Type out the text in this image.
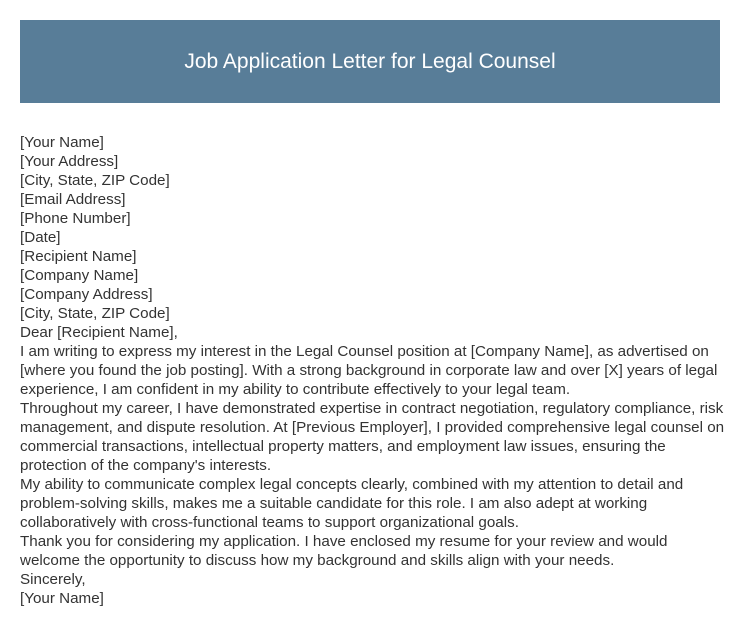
Job Application Letter for Legal Counsel

[Your Name]

[Your Address]

[City, State, ZIP Code]

[Email Address]

[Phone Number]

[Date]

[Recipient Name]

[Company Name]

[Company Address]

[City, State, ZIP Code]

Dear [Recipient Name],

I am writing to express my interest in the Legal Counsel position at [Company Name], as advertised on [where you found the job posting]. With a strong background in corporate law and over [X] years of legal experience, I am confident in my ability to contribute effectively to your legal team.

Throughout my career, I have demonstrated expertise in contract negotiation, regulatory compliance, risk management, and dispute resolution. At [Previous Employer], I provided comprehensive legal counsel on commercial transactions, intellectual property matters, and employment law issues, ensuring the protection of the company's interests.

My ability to communicate complex legal concepts clearly, combined with my attention to detail and problem-solving skills, makes me a suitable candidate for this role. I am also adept at working collaboratively with cross-functional teams to support organizational goals.

Thank you for considering my application. I have enclosed my resume for your review and would welcome the opportunity to discuss how my background and skills align with your needs.

Sincerely,

[Your Name]
